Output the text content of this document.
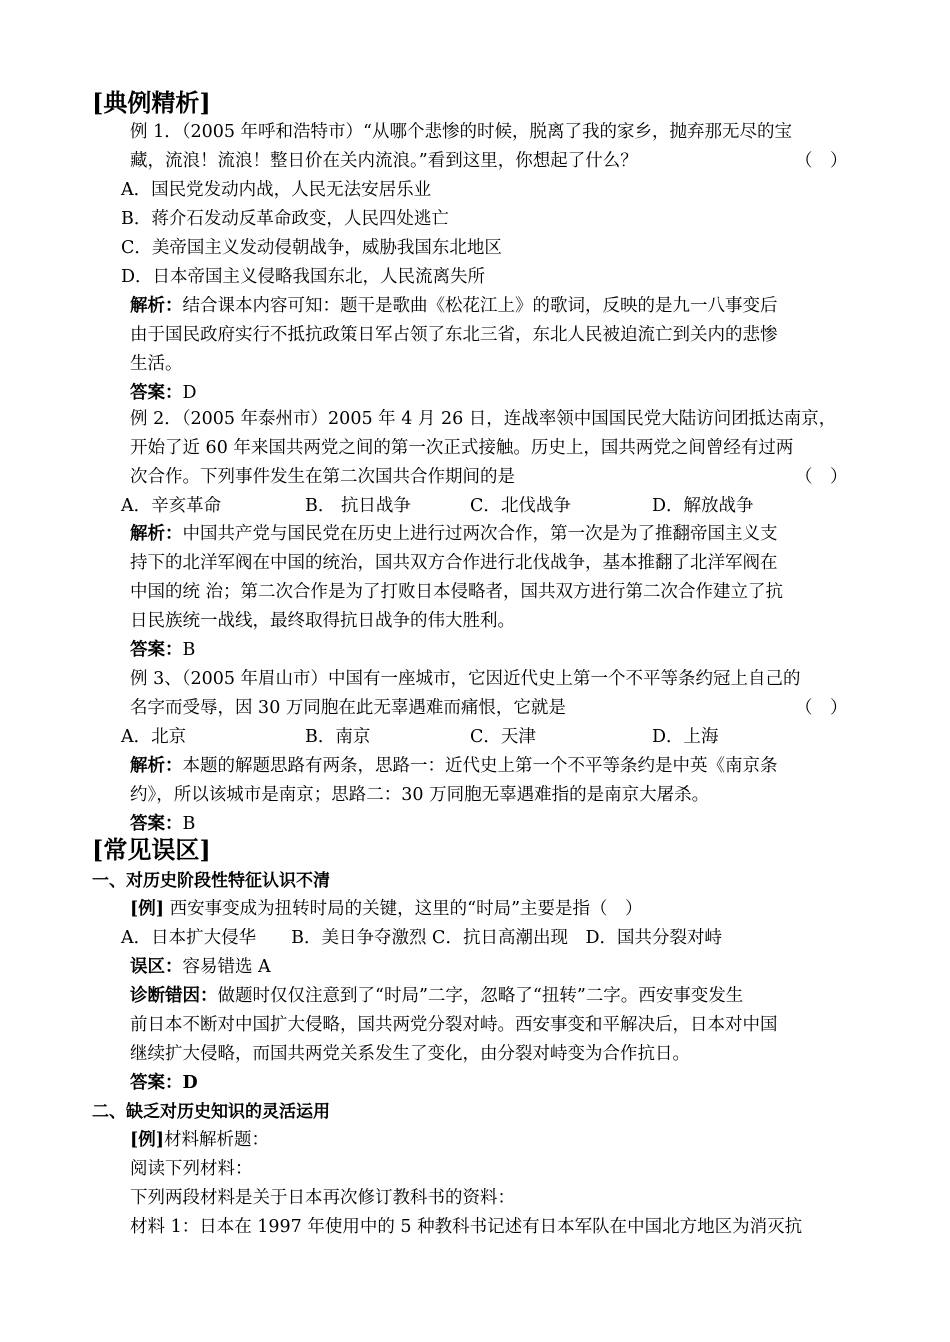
[典例精析]
例 1．（2005 年呼和浩特市）“从哪个悲惨的时候，脱离了我的家乡，抛弃那无尽的宝
藏，流浪！流浪！整日价在关内流浪。”看到这里，你想起了什么？	（　）
A．国民党发动内战，人民无法安居乐业
B．蒋介石发动反革命政变，人民四处逃亡
C．美帝国主义发动侵朝战争，威胁我国东北地区
D．日本帝国主义侵略我国东北，人民流离失所
解析：结合课本内容可知：题干是歌曲《松花江上》的歌词，反映的是九一八事变后
由于国民政府实行不抵抗政策日军占领了东北三省，东北人民被迫流亡到关内的悲惨
生活。
答案：D
例 2．（2005 年泰州市）2005 年 4 月 26 日，连战率领中国国民党大陆访问团抵达南京，
开始了近 60 年来国共两党之间的第一次正式接触。历史上，国共两党之间曾经有过两
次合作。下列事件发生在第二次国共合作期间的是	（　）
A．辛亥革命	B． 抗日战争	C．北伐战争	D．解放战争
解析：中国共产党与国民党在历史上进行过两次合作，第一次是为了推翻帝国主义支
持下的北洋军阀在中国的统治，国共双方合作进行北伐战争，基本推翻了北洋军阀在
中国的统 治；第二次合作是为了打败日本侵略者，国共双方进行第二次合作建立了抗
日民族统一战线，最终取得抗日战争的伟大胜利。
答案：B
例 3、（2005 年眉山市）中国有一座城市，它因近代史上第一个不平等条约冠上自己的
名字而受辱，因 30 万同胞在此无辜遇难而痛恨，它就是	（　）
A．北京	B．南京	C．天津	D．上海
解析：本题的解题思路有两条，思路一：近代史上第一个不平等条约是中英《南京条
约》，所以该城市是南京；思路二：30 万同胞无辜遇难指的是南京大屠杀。
答案：B
[常见误区]
一、对历史阶段性特征认识不清
[例] 西安事变成为扭转时局的关键，这里的“时局”主要是指（　）
A．日本扩大侵华　　B．美日争夺激烈 C．抗日高潮出现　D．国共分裂对峙
误区：容易错选 A
诊断错因：做题时仅仅注意到了“时局”二字，忽略了“扭转”二字。西安事变发生
前日本不断对中国扩大侵略，国共两党分裂对峙。西安事变和平解决后，日本对中国
继续扩大侵略，而国共两党关系发生了变化，由分裂对峙变为合作抗日。
答案：D
二、缺乏对历史知识的灵活运用
[例]材料解析题：
阅读下列材料：
下列两段材料是关于日本再次修订教科书的资料：
材料 1：日本在 1997 年使用中的 5 种教科书记述有日本军队在中国北方地区为消灭抗
